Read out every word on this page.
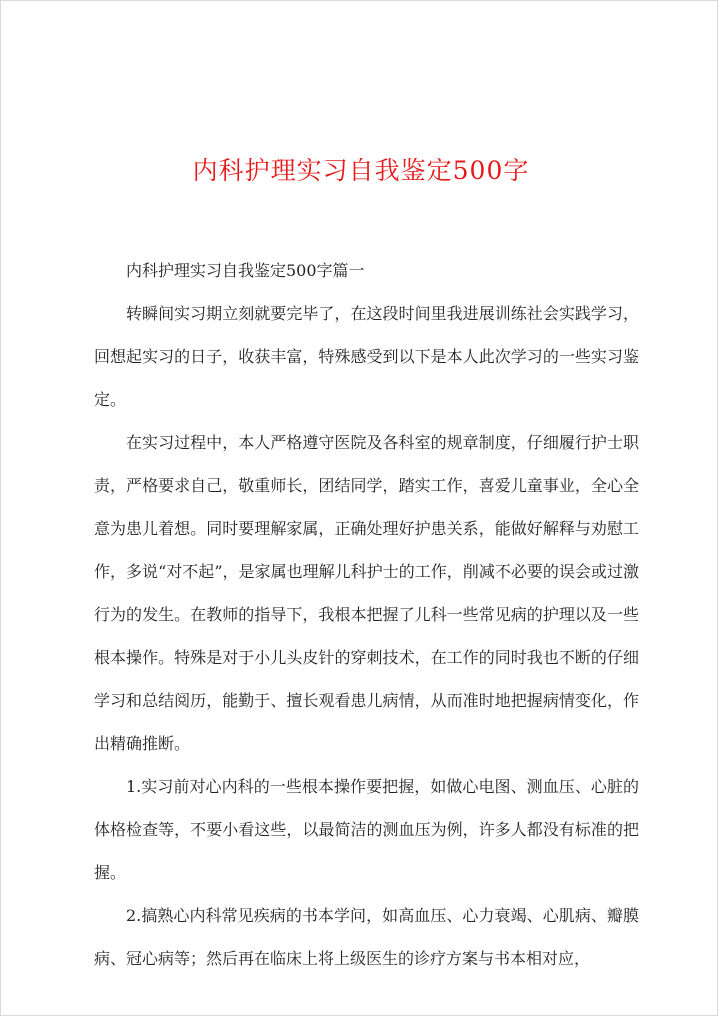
内科护理实习自我鉴定500字

内科护理实习自我鉴定500字篇一

转瞬间实习期立刻就要完毕了，在这段时间里我进展训练社会实践学习，回想起实习的日子，收获丰富，特殊感受到以下是本人此次学习的一些实习鉴定。

在实习过程中，本人严格遵守医院及各科室的规章制度，仔细履行护士职责，严格要求自己，敬重师长，团结同学，踏实工作，喜爱儿童事业，全心全意为患儿着想。同时要理解家属，正确处理好护患关系，能做好解释与劝慰工作，多说“对不起”，是家属也理解儿科护士的工作，削减不必要的误会或过激行为的发生。在教师的指导下，我根本把握了儿科一些常见病的护理以及一些根本操作。特殊是对于小儿头皮针的穿刺技术，在工作的同时我也不断的仔细学习和总结阅历，能勤于、擅长观看患儿病情，从而准时地把握病情变化，作出精确推断。

1.实习前对心内科的一些根本操作要把握，如做心电图、测血压、心脏的体格检查等，不要小看这些，以最简洁的测血压为例，许多人都没有标准的把握。

2.搞熟心内科常见疾病的书本学问，如高血压、心力衰竭、心肌病、瓣膜病、冠心病等；然后再在临床上将上级医生的诊疗方案与书本相对应，
